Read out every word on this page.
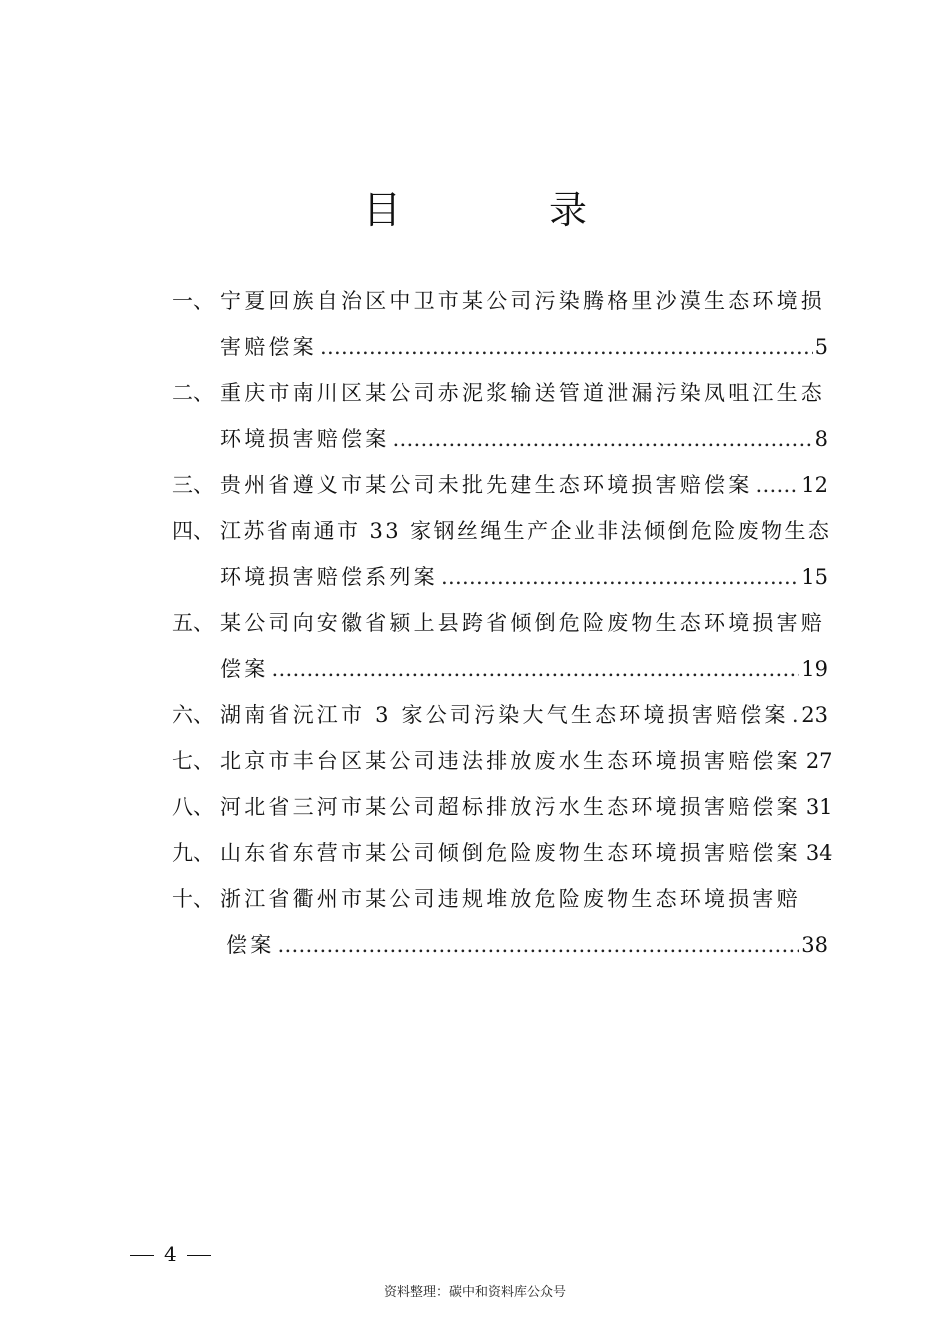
目 录
一、 宁夏回族自治区中卫市某公司污染腾格里沙漠生态环境损
害赔偿案 ………………………………………………………………………………………………………………………………	5
二、 重庆市南川区某公司赤泥浆输送管道泄漏污染凤咀江生态
环境损害赔偿案 ………………………………………………………………………………………………………………………………	8
三、 贵州省遵义市某公司未批先建生态环境损害赔偿案 ……………………………………………………………………………………………………………………………… 12
四、 江苏省南通市 33 家钢丝绳生产企业非法倾倒危险废物生态
环境损害赔偿系列案 ………………………………………………………………………………………………………………………………	15
五、 某公司向安徽省颍上县跨省倾倒危险废物生态环境损害赔
偿案 ………………………………………………………………………………………………………………………………	19
六、 湖南省沅江市 3 家公司污染大气生态环境损害赔偿案 ……………………………………………………………………………………………………………………………… 23
七、 北京市丰台区某公司违法排放废水生态环境损害赔偿案 27
八、 河北省三河市某公司超标排放污水生态环境损害赔偿案 31
九、 山东省东营市某公司倾倒危险废物生态环境损害赔偿案 34
十、 浙江省衢州市某公司违规堆放危险废物生态环境损害赔
偿案 ………………………………………………………………………………………………………………………………	38
4
资料整理：碳中和资料库公众号
